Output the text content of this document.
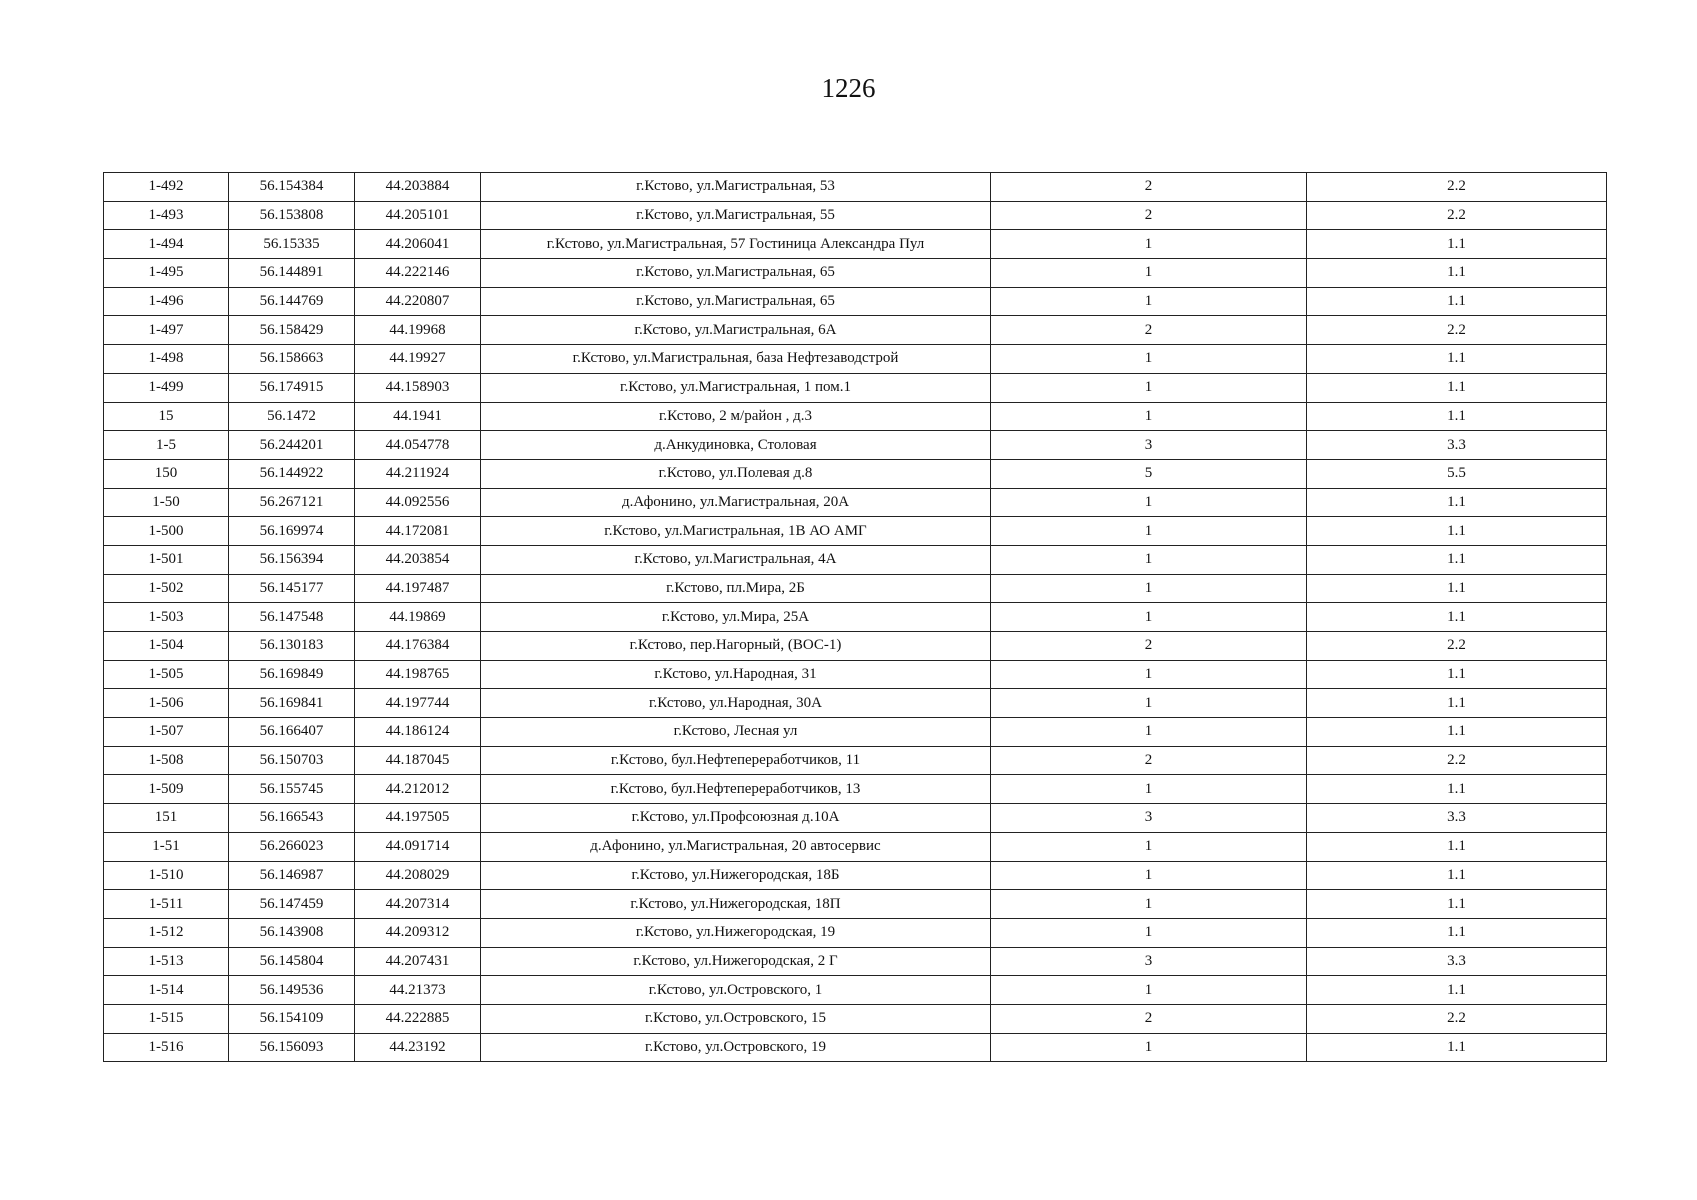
1226
1-492	56.154384	44.203884	г.Кстово, ул.Магистральная, 53	2	2.2
1-493	56.153808	44.205101	г.Кстово, ул.Магистральная, 55	2	2.2
1-494	56.15335	44.206041	г.Кстово, ул.Магистральная, 57 Гостиница Александра Пул	1	1.1
1-495	56.144891	44.222146	г.Кстово, ул.Магистральная, 65	1	1.1
1-496	56.144769	44.220807	г.Кстово, ул.Магистральная, 65	1	1.1
1-497	56.158429	44.19968	г.Кстово, ул.Магистральная, 6А	2	2.2
1-498	56.158663	44.19927	г.Кстово, ул.Магистральная, база Нефтезаводстрой	1	1.1
1-499	56.174915	44.158903	г.Кстово, ул.Магистральная, 1 пом.1	1	1.1
15	56.1472	44.1941	г.Кстово, 2 м/район , д.3	1	1.1
1-5	56.244201	44.054778	д.Анкудиновка, Столовая	3	3.3
150	56.144922	44.211924	г.Кстово, ул.Полевая д.8	5	5.5
1-50	56.267121	44.092556	д.Афонино, ул.Магистральная, 20А	1	1.1
1-500	56.169974	44.172081	г.Кстово, ул.Магистральная, 1В АО АМГ	1	1.1
1-501	56.156394	44.203854	г.Кстово, ул.Магистральная, 4А	1	1.1
1-502	56.145177	44.197487	г.Кстово, пл.Мира, 2Б	1	1.1
1-503	56.147548	44.19869	г.Кстово, ул.Мира, 25А	1	1.1
1-504	56.130183	44.176384	г.Кстово, пер.Нагорный, (ВОС-1)	2	2.2
1-505	56.169849	44.198765	г.Кстово, ул.Народная, 31	1	1.1
1-506	56.169841	44.197744	г.Кстово, ул.Народная, 30А	1	1.1
1-507	56.166407	44.186124	г.Кстово, Лесная ул	1	1.1
1-508	56.150703	44.187045	г.Кстово, бул.Нефтепереработчиков, 11	2	2.2
1-509	56.155745	44.212012	г.Кстово, бул.Нефтепереработчиков, 13	1	1.1
151	56.166543	44.197505	г.Кстово, ул.Профсоюзная д.10А	3	3.3
1-51	56.266023	44.091714	д.Афонино, ул.Магистральная, 20 автосервис	1	1.1
1-510	56.146987	44.208029	г.Кстово, ул.Нижегородская, 18Б	1	1.1
1-511	56.147459	44.207314	г.Кстово, ул.Нижегородская, 18П	1	1.1
1-512	56.143908	44.209312	г.Кстово, ул.Нижегородская, 19	1	1.1
1-513	56.145804	44.207431	г.Кстово, ул.Нижегородская, 2 Г	3	3.3
1-514	56.149536	44.21373	г.Кстово, ул.Островского, 1	1	1.1
1-515	56.154109	44.222885	г.Кстово, ул.Островского, 15	2	2.2
1-516	56.156093	44.23192	г.Кстово, ул.Островского, 19	1	1.1
